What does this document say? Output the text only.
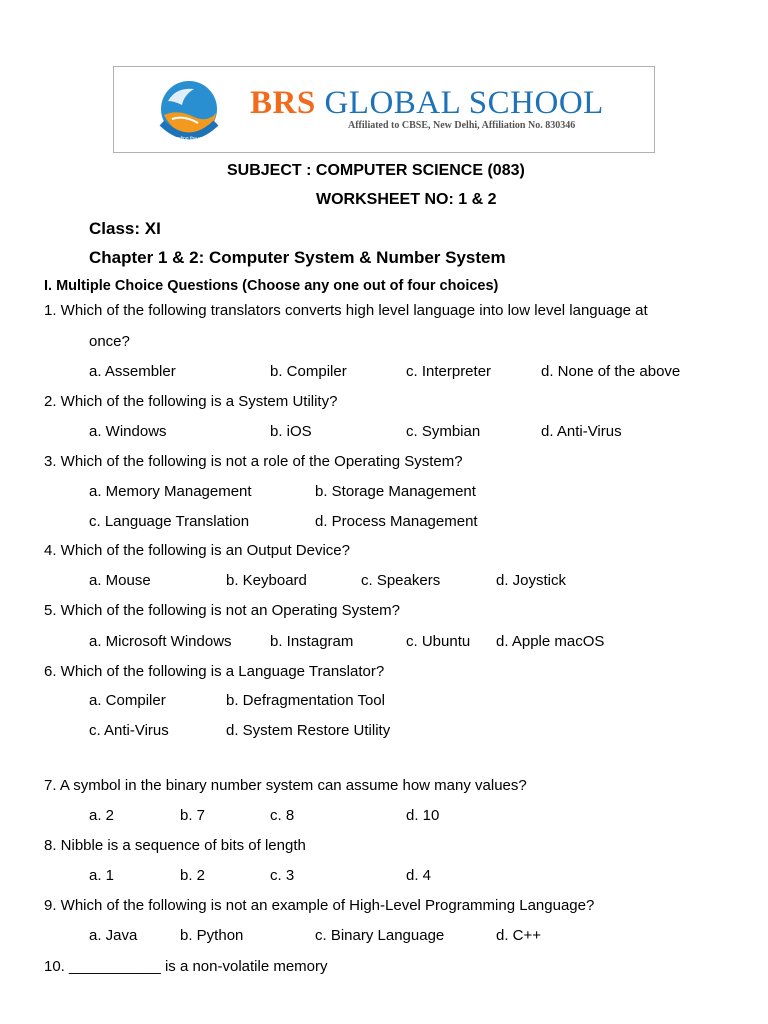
Leading the way
BRS GLOBAL SCHOOL
Affiliated to CBSE, New Delhi, Affiliation No. 830346
SUBJECT : COMPUTER SCIENCE (083)
WORKSHEET NO: 1 & 2
Class: XI
Chapter 1 & 2: Computer System & Number System
I. Multiple Choice Questions (Choose any one out of four choices)
1. Which of the following translators converts high level language into low level language at
once?
a. Assembler	b. Compiler	c. Interpreter	d. None of the above
2. Which of the following is a System Utility?
a. Windows	b. iOS	c. Symbian	d. Anti-Virus
3. Which of the following is not a role of the Operating System?
a. Memory Management	b. Storage Management
c. Language Translation	d. Process Management
4. Which of the following is an Output Device?
a. Mouse	b. Keyboard	c. Speakers	d. Joystick
5. Which of the following is not an Operating System?
a. Microsoft Windows	b. Instagram	c. Ubuntu d. Apple macOS
6. Which of the following is a Language Translator?
a. Compiler	b. Defragmentation Tool
c. Anti-Virus	d. System Restore Utility
7. A symbol in the binary number system can assume how many values?
a. 2	b. 7	c. 8	d. 10
8. Nibble is a sequence of bits of length
a. 1	b. 2	c. 3	d. 4
9. Which of the following is not an example of High-Level Programming Language?
a. Java	b. Python	c. Binary Language	d. C++
10. ___________ is a non-volatile memory
